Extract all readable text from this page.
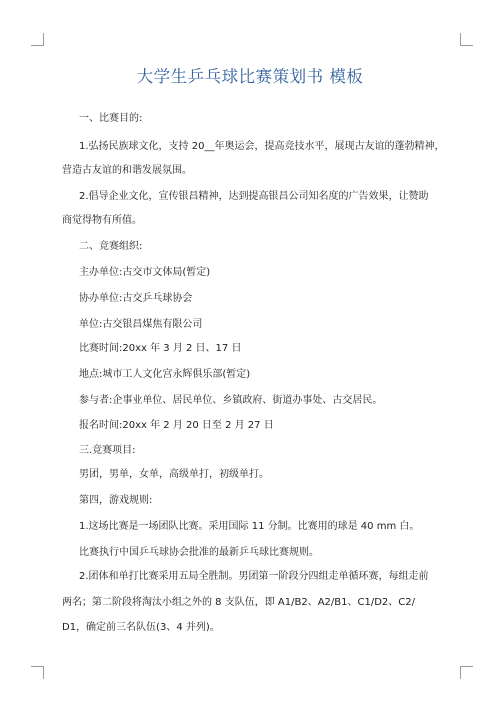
大学生乒乓球比赛策划书 模板
一、比赛目的:
1.弘扬民族球文化，支持 20__年奥运会，提高竞技水平，展现古友谊的蓬勃精神，
营造古友谊的和谐发展氛围。
2.倡导企业文化，宣传银昌精神，达到提高银昌公司知名度的广告效果，让赞助
商觉得物有所值。
二、竞赛组织:
主办单位:古交市文体局(暂定)
协办单位:古交乒乓球协会
单位:古交银昌煤焦有限公司
比赛时间:20xx 年 3 月 2 日、17 日
地点:城市工人文化宫永辉俱乐部(暂定)
参与者:企事业单位、居民单位、乡镇政府、街道办事处、古交居民。
报名时间:20xx 年 2 月 20 日至 2 月 27 日
三.竞赛项目:
男团，男单，女单，高级单打，初级单打。
第四，游戏规则:
1.这场比赛是一场团队比赛。采用国际 11 分制。比赛用的球是 40 mm 白。
比赛执行中国乒乓球协会批准的最新乒乓球比赛规则。
2.团体和单打比赛采用五局全胜制。男团第一阶段分四组走单循环赛，每组走前
两名；第二阶段将淘汰小组之外的 8 支队伍，即 A1/B2、A2/B1、C1/D2、C2/
D1，确定前三名队伍(3、4 并列)。
